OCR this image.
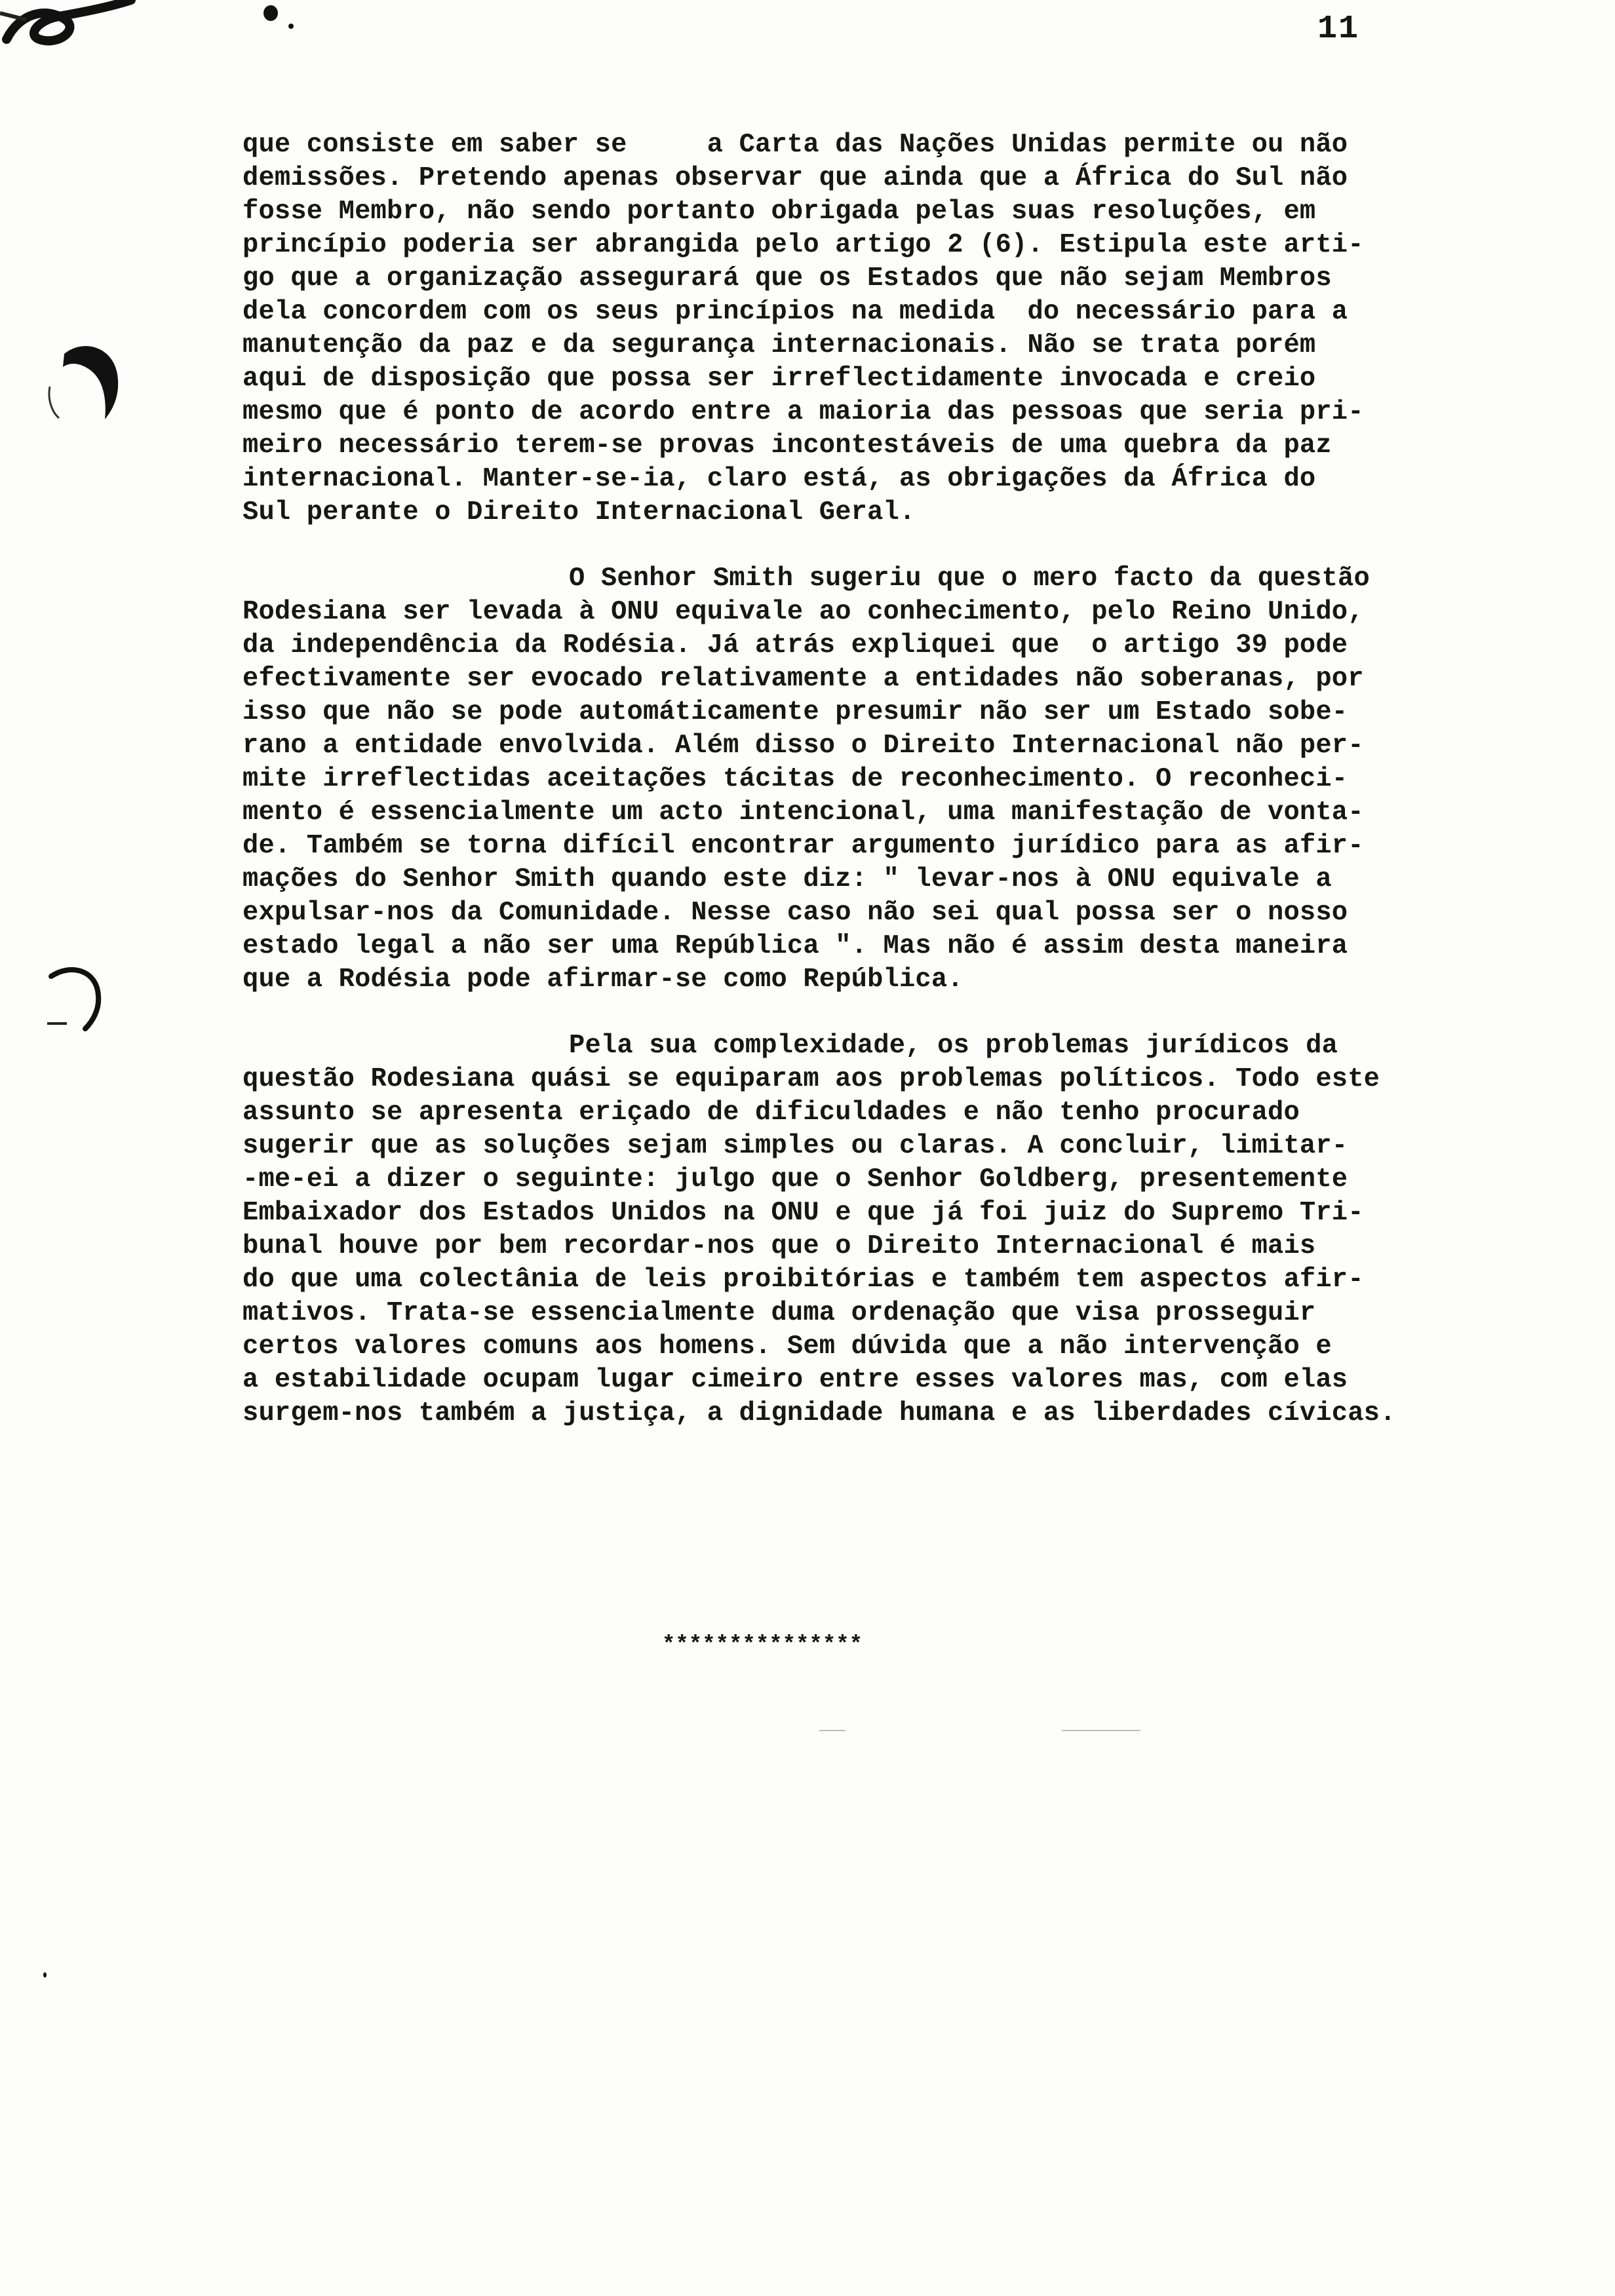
11
que consiste em saber se     a Carta das Nações Unidas permite ou não
demissões. Pretendo apenas observar que ainda que a África do Sul não
fosse Membro, não sendo portanto obrigada pelas suas resoluções, em
princípio poderia ser abrangida pelo artigo 2 (6). Estipula este arti-
go que a organização assegurará que os Estados que não sejam Membros
dela concordem com os seus princípios na medida  do necessário para a
manutenção da paz e da segurança internacionais. Não se trata porém
aqui de disposição que possa ser irreflectidamente invocada e creio
mesmo que é ponto de acordo entre a maioria das pessoas que seria pri-
meiro necessário terem-se provas incontestáveis de uma quebra da paz
internacional. Manter-se-ia, claro está, as obrigações da África do
Sul perante o Direito Internacional Geral.
O Senhor Smith sugeriu que o mero facto da questão
Rodesiana ser levada à ONU equivale ao conhecimento, pelo Reino Unido,
da independência da Rodésia. Já atrás expliquei que  o artigo 39 pode
efectivamente ser evocado relativamente a entidades não soberanas, por
isso que não se pode automáticamente presumir não ser um Estado sobe-
rano a entidade envolvida. Além disso o Direito Internacional não per-
mite irreflectidas aceitações tácitas de reconhecimento. O reconheci-
mento é essencialmente um acto intencional, uma manifestação de vonta-
de. Também se torna difícil encontrar argumento jurídico para as afir-
mações do Senhor Smith quando este diz: " levar-nos à ONU equivale a
expulsar-nos da Comunidade. Nesse caso não sei qual possa ser o nosso
estado legal a não ser uma República ". Mas não é assim desta maneira
que a Rodésia pode afirmar-se como República.
Pela sua complexidade, os problemas jurídicos da
questão Rodesiana quási se equiparam aos problemas políticos. Todo este
assunto se apresenta eriçado de dificuldades e não tenho procurado
sugerir que as soluções sejam simples ou claras. A concluir, limitar-
-me-ei a dizer o seguinte: julgo que o Senhor Goldberg, presentemente
Embaixador dos Estados Unidos na ONU e que já foi juiz do Supremo Tri-
bunal houve por bem recordar-nos que o Direito Internacional é mais
do que uma colectânia de leis proibitórias e também tem aspectos afir-
mativos. Trata-se essencialmente duma ordenação que visa prosseguir
certos valores comuns aos homens. Sem dúvida que a não intervenção e
a estabilidade ocupam lugar cimeiro entre esses valores mas, com elas
surgem-nos também a justiça, a dignidade humana e as liberdades cívicas.
***************
